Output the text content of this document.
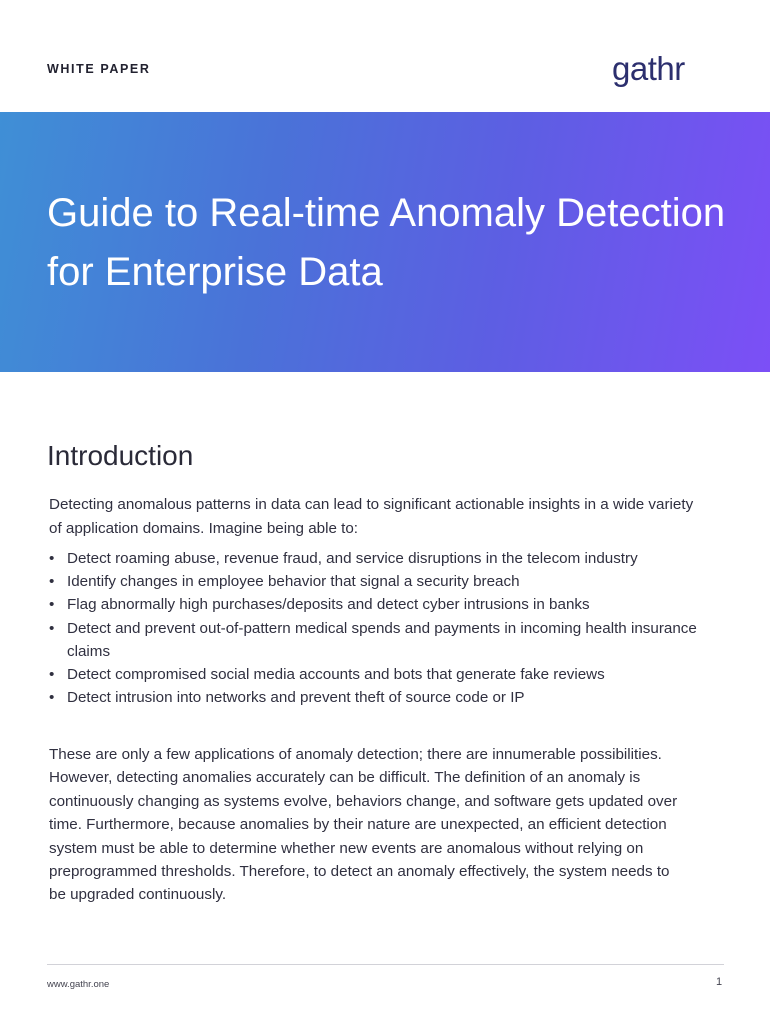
WHITE PAPER	gathr
Guide to Real-time Anomaly Detection for Enterprise Data
Introduction

Detecting anomalous patterns in data can lead to significant actionable insights in a wide variety of application domains. Imagine being able to:

• Detect roaming abuse, revenue fraud, and service disruptions in the telecom industry
• Identify changes in employee behavior that signal a security breach
• Flag abnormally high purchases/deposits and detect cyber intrusions in banks
• Detect and prevent out-of-pattern medical spends and payments in incoming health insurance claims
• Detect compromised social media accounts and bots that generate fake reviews
• Detect intrusion into networks and prevent theft of source code or IP

These are only a few applications of anomaly detection; there are innumerable possibilities. However, detecting anomalies accurately can be difficult. The definition of an anomaly is continuously changing as systems evolve, behaviors change, and software gets updated over time. Furthermore, because anomalies by their nature are unexpected, an efficient detection system must be able to determine whether new events are anomalous without relying on preprogrammed thresholds. Therefore, to detect an anomaly effectively, the system needs to be upgraded continuously.

www.gathr.one	1
